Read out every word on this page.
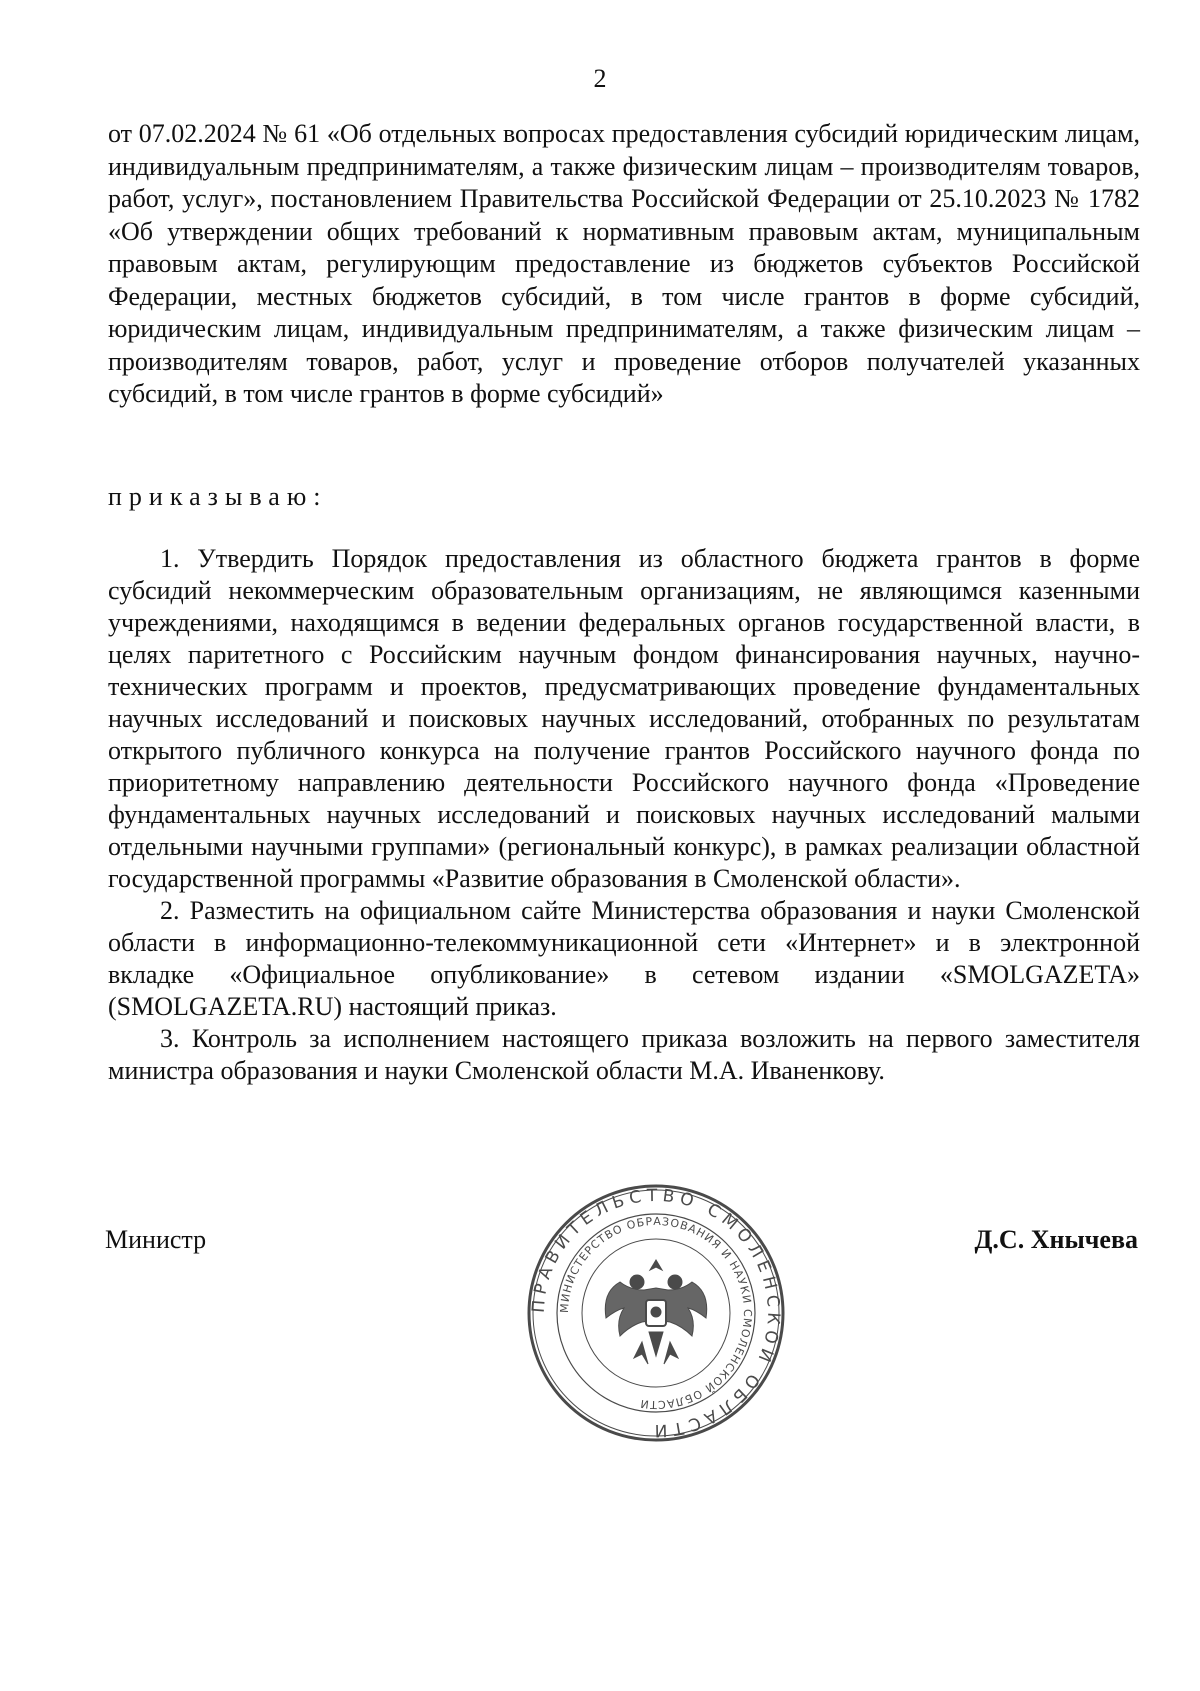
2

от 07.02.2024 № 61 «Об отдельных вопросах предоставления субсидий юридическим лицам, индивидуальным предпринимателям, а также физическим лицам – производителям товаров, работ, услуг», постановлением Правительства Российской Федерации от 25.10.2023 № 1782 «Об утверждении общих требований к нормативным правовым актам, муниципальным правовым актам, регулирующим предоставление из бюджетов субъектов Российской Федерации, местных бюджетов субсидий, в том числе грантов в форме субсидий, юридическим лицам, индивидуальным предпринимателям, а также физическим лицам – производителям товаров, работ, услуг и проведение отборов получателей указанных субсидий, в том числе грантов в форме субсидий»

приказываю:

1. Утвердить Порядок предоставления из областного бюджета грантов в форме субсидий некоммерческим образовательным организациям, не являющимся казенными учреждениями, находящимся в ведении федеральных органов государственной власти, в целях паритетного с Российским научным фондом финансирования научных, научно-технических программ и проектов, предусматривающих проведение фундаментальных научных исследований и поисковых научных исследований, отобранных по результатам открытого публичного конкурса на получение грантов Российского научного фонда по приоритетному направлению деятельности Российского научного фонда «Проведение фундаментальных научных исследований и поисковых научных исследований малыми отдельными научными группами» (региональный конкурс), в рамках реализации областной государственной программы «Развитие образования в Смоленской области».

2. Разместить на официальном сайте Министерства образования и науки Смоленской области в информационно-телекоммуникационной сети «Интернет» и в электронной вкладке «Официальное опубликование» в сетевом издании «SMOLGAZETA» (SMOLGAZETA.RU) настоящий приказ.

3. Контроль за исполнением настоящего приказа возложить на первого заместителя министра образования и науки Смоленской области М.А. Иваненкову.

Министр
ПРАВИТЕЛЬСТВО СМОЛЕНСКОЙ ОБЛАСТИ
МИНИСТЕРСТВО ОБРАЗОВАНИЯ И НАУКИ СМОЛЕНСКОЙ ОБЛАСТИ
Д.С. Хнычева
